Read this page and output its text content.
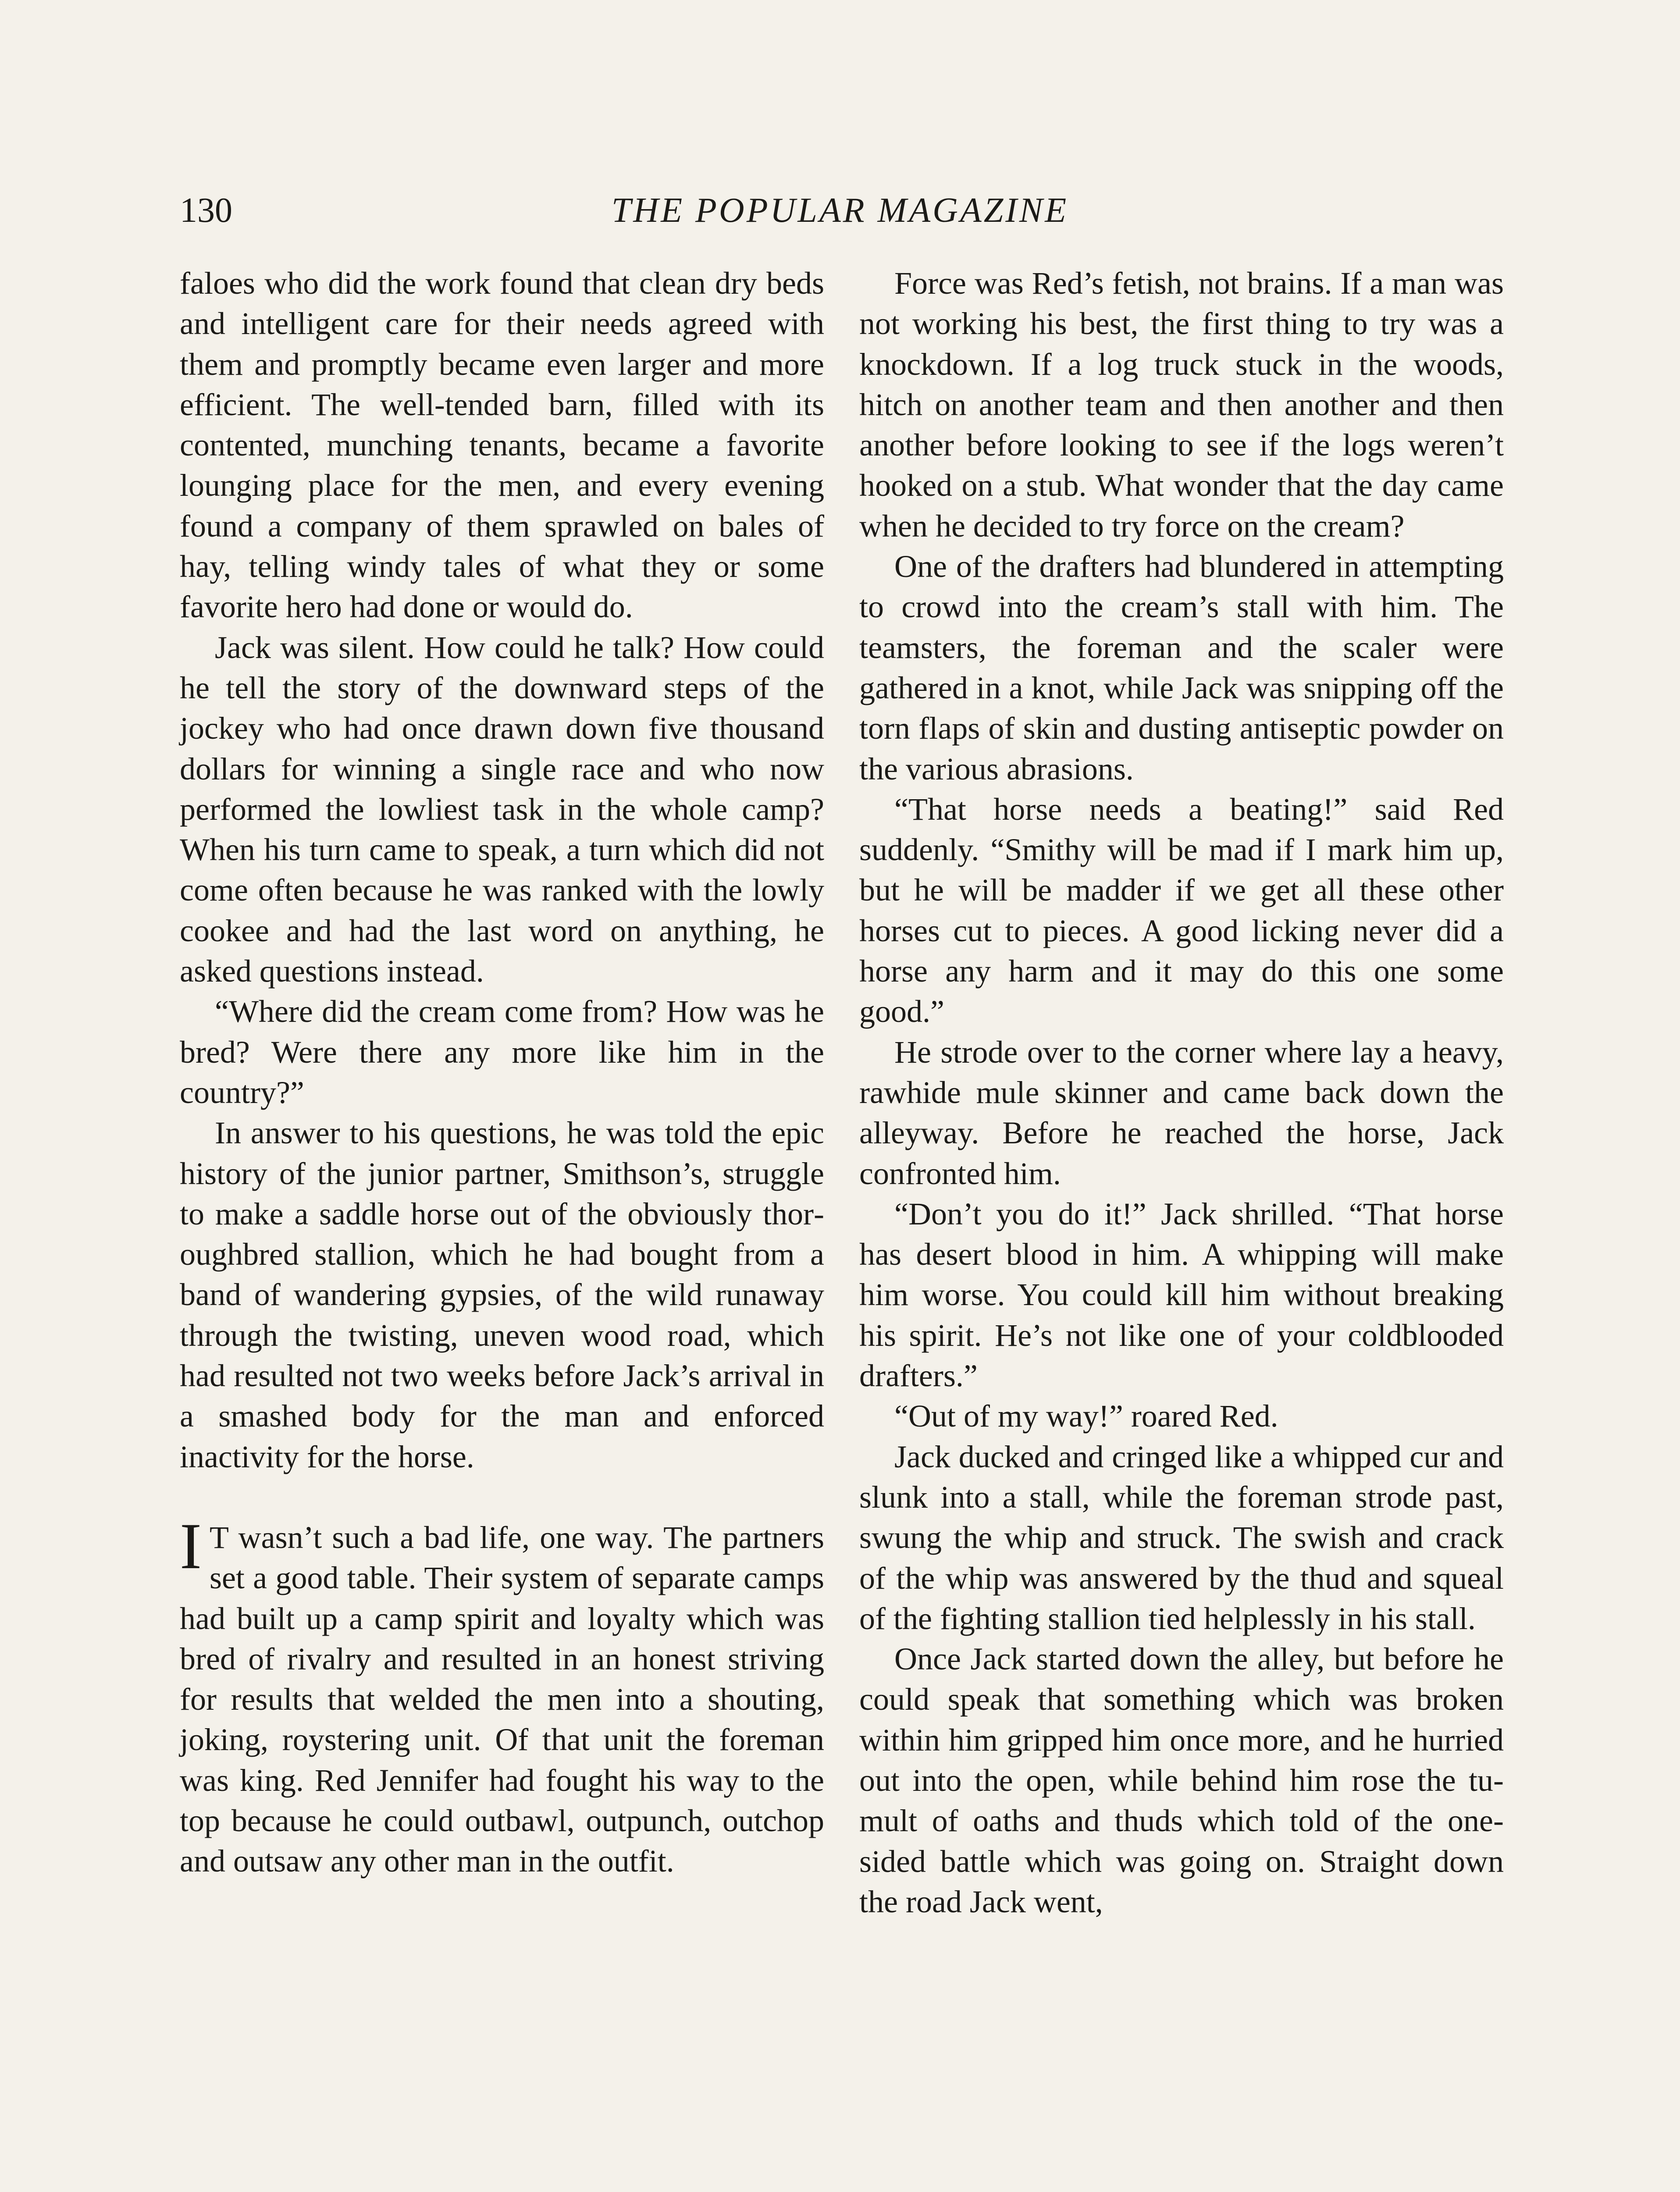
130	THE POPULAR MAGAZINE

faloes who did the work found that clean dry beds and intelligent care for their needs agreed with them and promptly became even larger and more efficient. The well-tended barn, filled with its contented, munching tenants, became a favorite lounging place for the men, and every evening found a company of them sprawled on bales of hay, telling windy tales of what they or some favorite hero had done or would do.

Jack was silent. How could he talk? How could he tell the story of the downward steps of the jockey who had once drawn down five thousand dollars for winning a single race and who now performed the lowliest task in the whole camp? When his turn came to speak, a turn which did not come often because he was ranked with the lowly cookee and had the last word on anything, he asked questions instead.

“Where did the cream come from? How was he bred? Were there any more like him in the country?”

In answer to his questions, he was told the epic history of the junior partner, Smithson’s, struggle to make a saddle horse out of the obviously thoroughbred stallion, which he had bought from a band of wandering gypsies, of the wild runaway through the twisting, uneven wood road, which had resulted not two weeks before Jack’s arrival in a smashed body for the man and enforced inactivity for the horse.

I T wasn’t such a bad life, one way. The partners set a good table. Their system of separate camps had built up a camp spirit and loyalty which was bred of rivalry and resulted in an honest striving for results that welded the men into a shouting, joking, roystering unit. Of that unit the foreman was king. Red Jennifer had fought his way to the top because he could outbawl, outpunch, outchop and outsaw any other man in the outfit.

Force was Red’s fetish, not brains. If a man was not working his best, the first thing to try was a knockdown. If a log truck stuck in the woods, hitch on another team and then another and then another before looking to see if the logs weren’t hooked on a stub. What wonder that the day came when he decided to try force on the cream?

One of the drafters had blundered in attempting to crowd into the cream’s stall with him. The teamsters, the foreman and the scaler were gathered in a knot, while Jack was snipping off the torn flaps of skin and dusting antiseptic powder on the various abrasions.

“That horse needs a beating!” said Red suddenly. “Smithy will be mad if I mark him up, but he will be madder if we get all these other horses cut to pieces. A good licking never did a horse any harm and it may do this one some good.”

He strode over to the corner where lay a heavy, rawhide mule skinner and came back down the alleyway. Before he reached the horse, Jack confronted him.

“Don’t you do it!” Jack shrilled. “That horse has desert blood in him. A whipping will make him worse. You could kill him without breaking his spirit. He’s not like one of your coldblooded drafters.”

“Out of my way!” roared Red.

Jack ducked and cringed like a whipped cur and slunk into a stall, while the foreman strode past, swung the whip and struck. The swish and crack of the whip was answered by the thud and squeal of the fighting stallion tied helplessly in his stall.

Once Jack started down the alley, but before he could speak that something which was broken within him gripped him once more, and he hurried out into the open, while behind him rose the tumult of oaths and thuds which told of the one-sided battle which was going on. Straight down the road Jack went,
